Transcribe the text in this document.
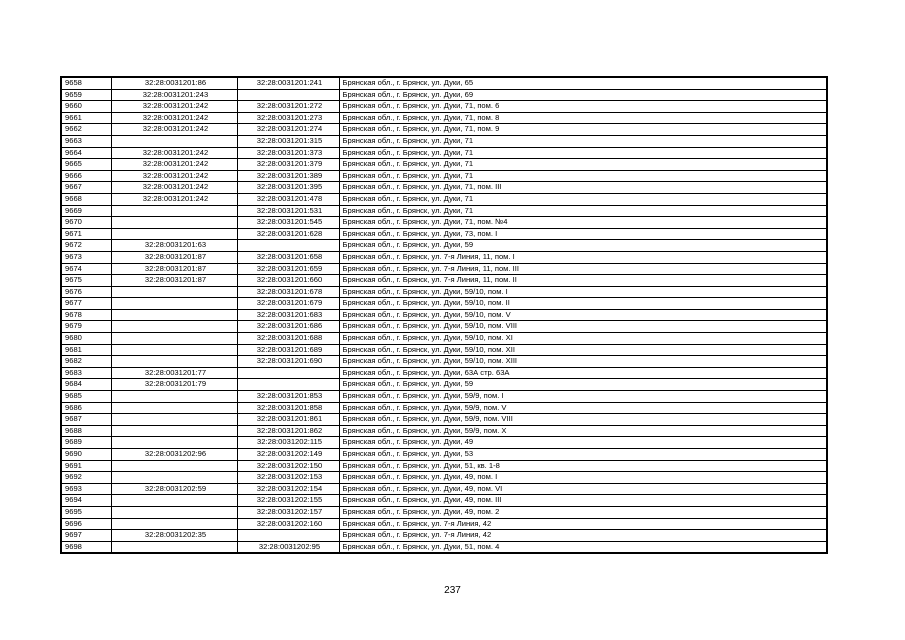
9658	32:28:0031201:86	32:28:0031201:241	Брянская обл., г. Брянск, ул. Дуки, 65
9659	32:28:0031201:243		Брянская обл., г. Брянск, ул. Дуки, 69
9660	32:28:0031201:242	32:28:0031201:272	Брянская обл., г. Брянск, ул. Дуки, 71, пом. 6
9661	32:28:0031201:242	32:28:0031201:273	Брянская обл., г. Брянск, ул. Дуки, 71, пом. 8
9662	32:28:0031201:242	32:28:0031201:274	Брянская обл., г. Брянск, ул. Дуки, 71, пом. 9
9663		32:28:0031201:315	Брянская обл., г. Брянск, ул. Дуки, 71
9664	32:28:0031201:242	32:28:0031201:373	Брянская обл., г. Брянск, ул. Дуки, 71
9665	32:28:0031201:242	32:28:0031201:379	Брянская обл., г. Брянск, ул. Дуки, 71
9666	32:28:0031201:242	32:28:0031201:389	Брянская обл., г. Брянск, ул. Дуки, 71
9667	32:28:0031201:242	32:28:0031201:395	Брянская обл., г. Брянск, ул. Дуки, 71, пом. III
9668	32:28:0031201:242	32:28:0031201:478	Брянская обл., г. Брянск, ул. Дуки, 71
9669		32:28:0031201:531	Брянская обл., г. Брянск, ул. Дуки, 71
9670		32:28:0031201:545	Брянская обл., г. Брянск, ул. Дуки, 71, пом. №4
9671		32:28:0031201:628	Брянская обл., г. Брянск, ул. Дуки, 73, пом. I
9672	32:28:0031201:63		Брянская обл., г. Брянск, ул. Дуки, 59
9673	32:28:0031201:87	32:28:0031201:658	Брянская обл., г. Брянск, ул. 7-я Линия, 11, пом. I
9674	32:28:0031201:87	32:28:0031201:659	Брянская обл., г. Брянск, ул. 7-я Линия, 11, пом. III
9675	32:28:0031201:87	32:28:0031201:660	Брянская обл., г. Брянск, ул. 7-я Линия, 11, пом. II
9676		32:28:0031201:678	Брянская обл., г. Брянск, ул. Дуки, 59/10, пом. I
9677		32:28:0031201:679	Брянская обл., г. Брянск, ул. Дуки, 59/10, пом. II
9678		32:28:0031201:683	Брянская обл., г. Брянск, ул. Дуки, 59/10, пом. V
9679		32:28:0031201:686	Брянская обл., г. Брянск, ул. Дуки, 59/10, пом. VIII
9680		32:28:0031201:688	Брянская обл., г. Брянск, ул. Дуки, 59/10, пом. XI
9681		32:28:0031201:689	Брянская обл., г. Брянск, ул. Дуки, 59/10, пом. XII
9682		32:28:0031201:690	Брянская обл., г. Брянск, ул. Дуки, 59/10, пом. XIII
9683	32:28:0031201:77		Брянская обл., г. Брянск, ул. Дуки, 63А стр. 63А
9684	32:28:0031201:79		Брянская обл., г. Брянск, ул. Дуки, 59
9685		32:28:0031201:853	Брянская обл., г. Брянск, ул. Дуки, 59/9, пом. I
9686		32:28:0031201:858	Брянская обл., г. Брянск, ул. Дуки, 59/9, пом. V
9687		32:28:0031201:861	Брянская обл., г. Брянск, ул. Дуки, 59/9, пом. VIII
9688		32:28:0031201:862	Брянская обл., г. Брянск, ул. Дуки, 59/9, пом. X
9689		32:28:0031202:115	Брянская обл., г. Брянск, ул. Дуки, 49
9690	32:28:0031202:96	32:28:0031202:149	Брянская обл., г. Брянск, ул. Дуки, 53
9691		32:28:0031202:150	Брянская обл., г. Брянск, ул. Дуки, 51, кв. 1-8
9692		32:28:0031202:153	Брянская обл., г. Брянск, ул. Дуки, 49, пом. I
9693	32:28:0031202:59	32:28:0031202:154	Брянская обл., г. Брянск, ул. Дуки, 49, пом. VI
9694		32:28:0031202:155	Брянская обл., г. Брянск, ул. Дуки, 49, пом. III
9695		32:28:0031202:157	Брянская обл., г. Брянск, ул. Дуки, 49, пом. 2
9696		32:28:0031202:160	Брянская обл., г. Брянск, ул. 7-я Линия, 42
9697	32:28:0031202:35		Брянская обл., г. Брянск, ул. 7-я Линия, 42
9698		32:28:0031202:95	Брянская обл., г. Брянск, ул. Дуки, 51, пом. 4
237
